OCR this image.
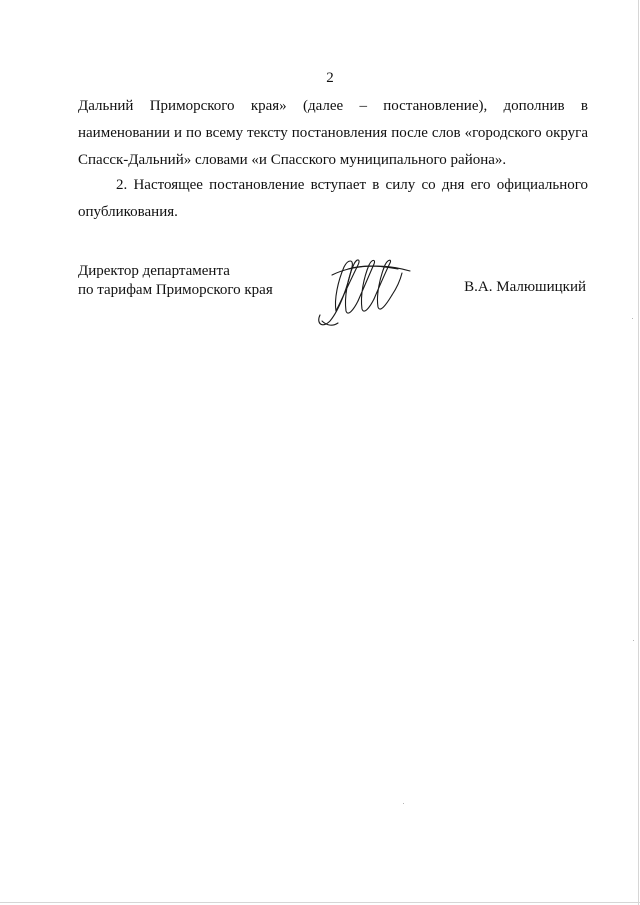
2

Дальний Приморского края» (далее – постановление), дополнив в наименовании и по всему тексту постановления после слов «городского округа Спасск-Дальний» словами «и Спасского муниципального района».

2. Настоящее постановление вступает в силу со дня его официального опубликования.

Директор департамента
по тарифам Приморского края	В.А. Малюшицкий
